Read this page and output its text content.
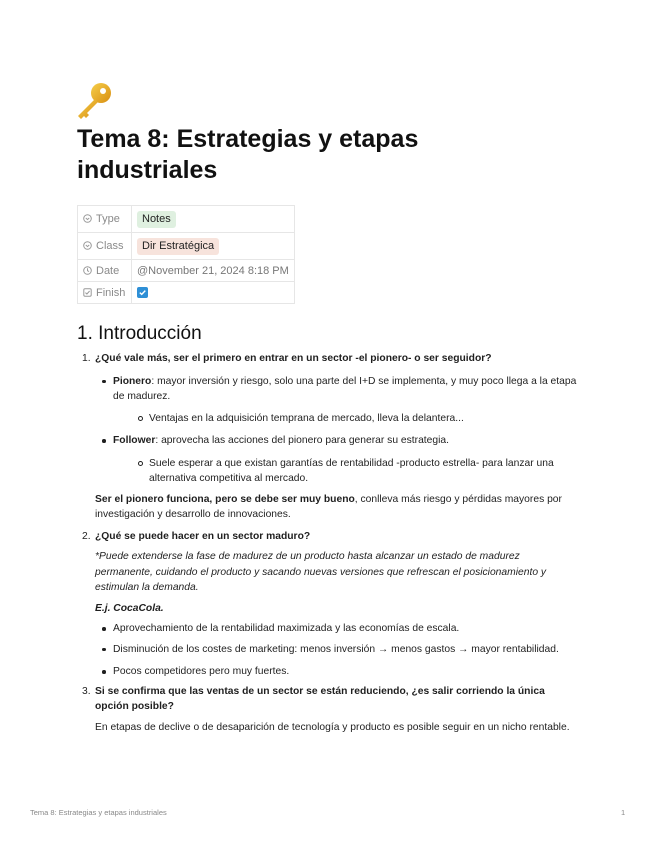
Tema 8: Estrategias y etapas industriales
Type	Notes
Class	Dir Estratégica
Date	@November 21, 2024 8:18 PM
Finish	
1. Introducción
1. ¿Qué vale más, ser el primero en entrar en un sector -el pionero- o ser seguidor?

Pionero: mayor inversión y riesgo, solo una parte del I+D se implementa, y muy poco llega a la etapa de madurez.
Ventajas en la adquisición temprana de mercado, lleva la delantera...
Follower: aprovecha las acciones del pionero para generar su estrategia.
Suele esperar a que existan garantías de rentabilidad -producto estrella- para lanzar una alternativa competitiva al mercado.

Ser el pionero funciona, pero se debe ser muy bueno, conlleva más riesgo y pérdidas mayores por investigación y desarrollo de innovaciones.

2. ¿Qué se puede hacer en un sector maduro?

*Puede extenderse la fase de madurez de un producto hasta alcanzar un estado de madurez permanente, cuidando el producto y sacando nuevas versiones que refrescan el posicionamiento y estimulan la demanda.

E.j. CocaCola.

Aprovechamiento de la rentabilidad maximizada y las economías de escala.
Disminución de los costes de marketing: menos inversión → menos gastos → mayor rentabilidad.
Pocos competidores pero muy fuertes.
3. Si se confirma que las ventas de un sector se están reduciendo, ¿es salir corriendo la única opción posible?

En etapas de declive o de desaparición de tecnología y producto es posible seguir en un nicho rentable.

Tema 8: Estrategias y etapas industriales	1
